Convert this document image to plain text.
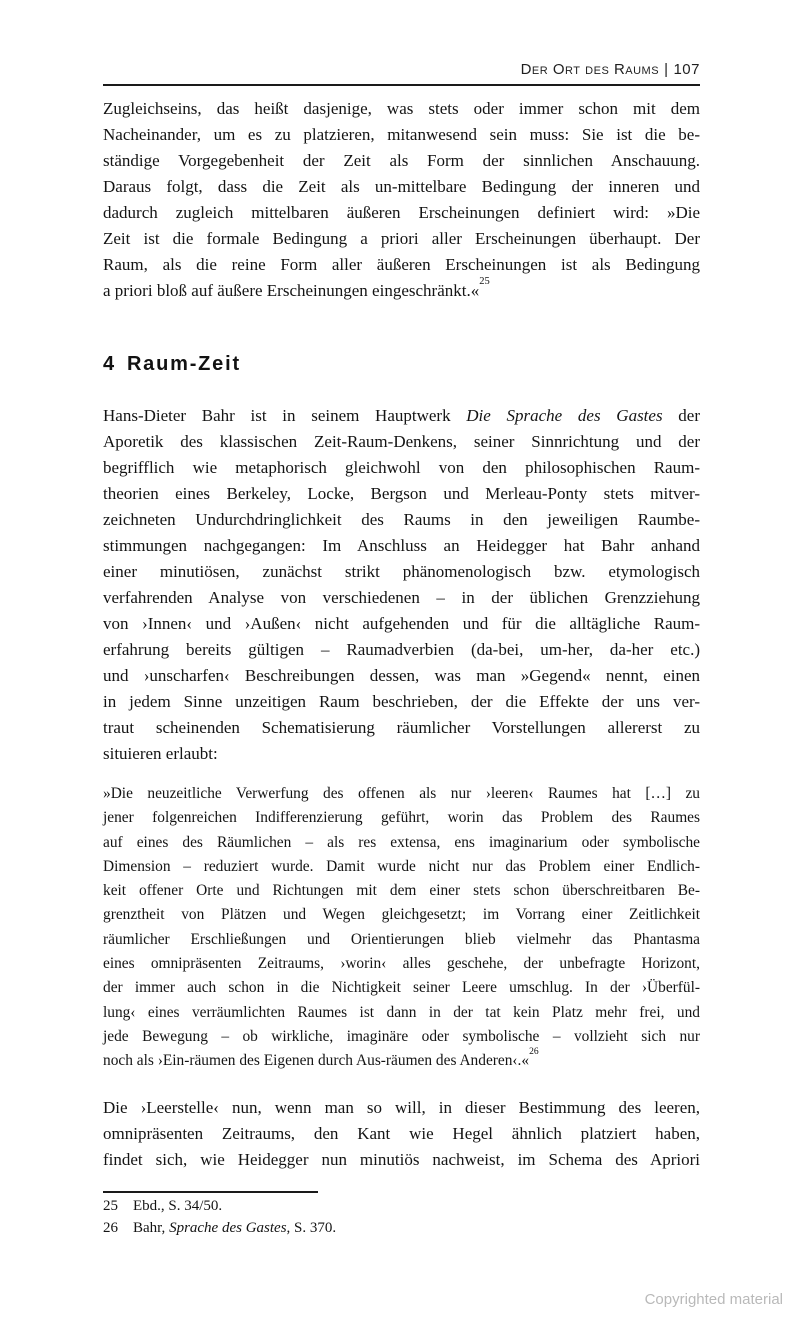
Der Ort des Raums | 107
Zugleichseins, das heißt dasjenige, was stets oder immer schon mit dem
Nacheinander, um es zu platzieren, mitanwesend sein muss: Sie ist die be-
ständige Vorgegebenheit der Zeit als Form der sinnlichen Anschauung.
Daraus folgt, dass die Zeit als un-mittelbare Bedingung der inneren und
dadurch zugleich mittelbaren äußeren Erscheinungen definiert wird: »Die
Zeit ist die formale Bedingung a priori aller Erscheinungen überhaupt. Der
Raum, als die reine Form aller äußeren Erscheinungen ist als Bedingung
a priori bloß auf äußere Erscheinungen eingeschränkt.«$^{25}$
4 Raum-Zeit
Hans-Dieter Bahr ist in seinem Hauptwerk Die Sprache des Gastes der
Aporetik des klassischen Zeit-Raum-Denkens, seiner Sinnrichtung und der
begrifflich wie metaphorisch gleichwohl von den philosophischen Raum-
theorien eines Berkeley, Locke, Bergson und Merleau-Ponty stets mitver-
zeichneten Undurchdringlichkeit des Raums in den jeweiligen Raumbe-
stimmungen nachgegangen: Im Anschluss an Heidegger hat Bahr anhand
einer minutiösen, zunächst strikt phänomenologisch bzw. etymologisch
verfahrenden Analyse von verschiedenen – in der üblichen Grenzziehung
von ›Innen‹ und ›Außen‹ nicht aufgehenden und für die alltägliche Raum-
erfahrung bereits gültigen – Raumadverbien (da-bei, um-her, da-her etc.)
und ›unscharfen‹ Beschreibungen dessen, was man »Gegend« nennt, einen
in jedem Sinne unzeitigen Raum beschrieben, der die Effekte der uns ver-
traut scheinenden Schematisierung räumlicher Vorstellungen allererst zu
situieren erlaubt:
»Die neuzeitliche Verwerfung des offenen als nur ›leeren‹ Raumes hat […] zu
jener folgenreichen Indifferenzierung geführt, worin das Problem des Raumes
auf eines des Räumlichen – als res extensa, ens imaginarium oder symbolische
Dimension – reduziert wurde. Damit wurde nicht nur das Problem einer Endlich-
keit offener Orte und Richtungen mit dem einer stets schon überschreitbaren Be-
grenztheit von Plätzen und Wegen gleichgesetzt; im Vorrang einer Zeitlichkeit
räumlicher Erschließungen und Orientierungen blieb vielmehr das Phantasma
eines omnipräsenten Zeitraums, ›worin‹ alles geschehe, der unbefragte Horizont,
der immer auch schon in die Nichtigkeit seiner Leere umschlug. In der ›Überfül-
lung‹ eines verräumlichten Raumes ist dann in der tat kein Platz mehr frei, und
jede Bewegung – ob wirkliche, imaginäre oder symbolische – vollzieht sich nur
noch als ›Ein-räumen des Eigenen durch Aus-räumen des Anderen‹.«$^{26}$
Die ›Leerstelle‹ nun, wenn man so will, in dieser Bestimmung des leeren,
omnipräsenten Zeitraums, den Kant wie Hegel ähnlich platziert haben,
findet sich, wie Heidegger nun minutiös nachweist, im Schema des Apriori
25	Ebd., S. 34/50.
26	Bahr, Sprache des Gastes, S. 370.
Copyrighted material
